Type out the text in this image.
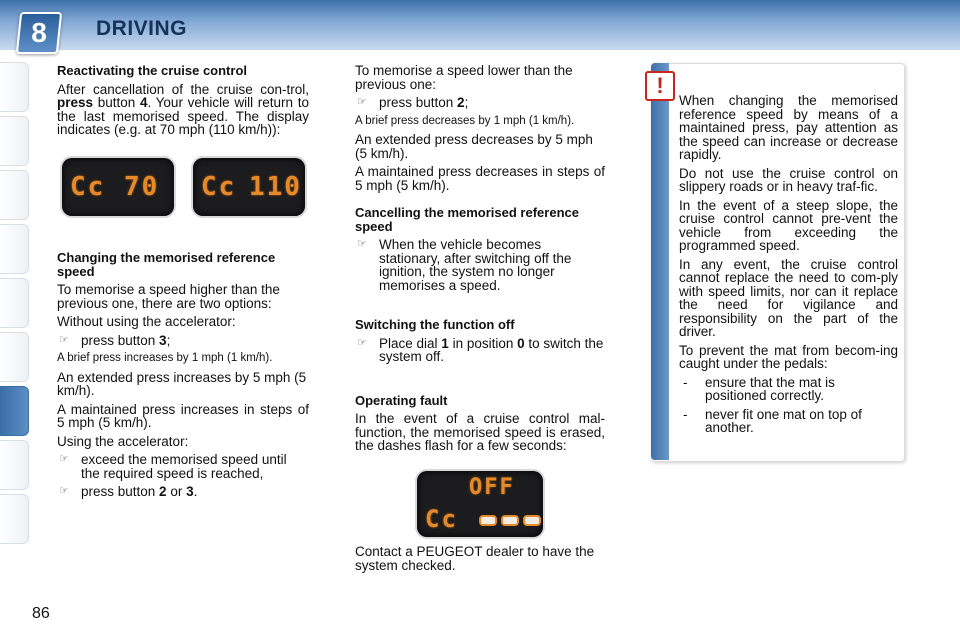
8	DRIVING

Reactivating the cruise control

After cancellation of the cruise con-trol, press button 4. Your vehicle will return to the last memorised speed. The display indicates (e.g. at 70 mph (110 km/h)):

Cc 70 Cc 110

Changing the memorised reference speed

To memorise a speed higher than the previous one, there are two options:

Without using the accelerator:

☞ press button 3;

A brief press increases by 1 mph (1 km/h).

An extended press increases by 5 mph (5 km/h).

A maintained press increases in steps of 5 mph (5 km/h).

Using the accelerator:

☞ exceed the memorised speed until the required speed is reached,
☞ press button 2 or 3.

To memorise a speed lower than the previous one:

☞ press button 2;

A brief press decreases by 1 mph (1 km/h).

An extended press decreases by 5 mph (5 km/h).

A maintained press decreases in steps of 5 mph (5 km/h).

Cancelling the memorised reference speed

☞ When the vehicle becomes stationary, after switching off the ignition, the system no longer memorises a speed.

Switching the function off

☞ Place dial 1 in position 0 to switch the system off.

Operating fault

In the event of a cruise control mal-function, the memorised speed is erased, the dashes flash for a few seconds:

OFF
Cc

Contact a PEUGEOT dealer to have the system checked.

!

When changing the memorised reference speed by means of a maintained press, pay attention as the speed can increase or decrease rapidly.

Do not use the cruise control on slippery roads or in heavy traf-fic.

In the event of a steep slope, the cruise control cannot pre-vent the vehicle from exceeding the programmed speed.

In any event, the cruise control cannot replace the need to com-ply with speed limits, nor can it replace the need for vigilance and responsibility on the part of the driver.

To prevent the mat from becom-ing caught under the pedals:

- ensure that the mat is positioned correctly.
- never fit one mat on top of another.
86
